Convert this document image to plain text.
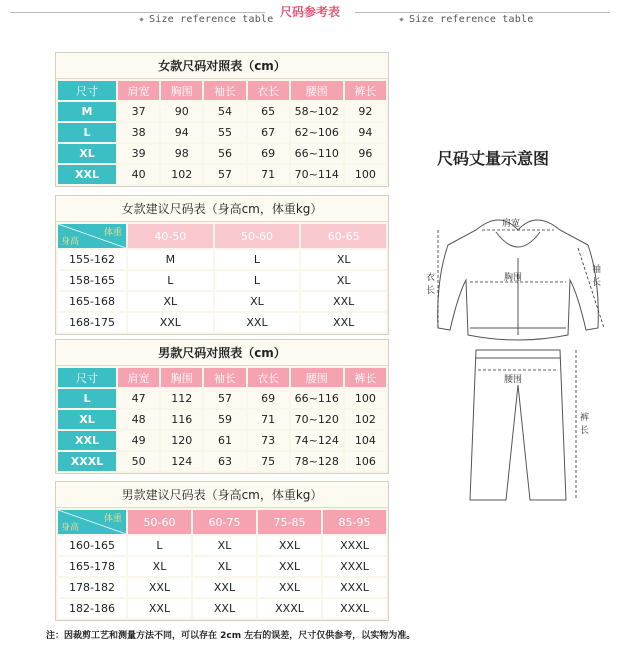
尺码参考表
Size reference table	Size reference table
女款尺码对照表（cm）
尺寸	肩宽	胸围	袖长	衣长	腰围	裤长
M	37	90	54	65	58~102	92
L	38	94	55	67	62~106	94
XL	39	98	56	69	66~110	96
XXL	40	102	57	71	70~114	100
女款建议尺码表（身高cm，体重kg）
体重
身高	40-50	50-60	60-65
155-162	M	L	XL
158-165	L	L	XL
165-168	XL	XL	XXL
168-175	XXL	XXL	XXL
男款尺码对照表（cm）
尺寸	肩宽	胸围	袖长	衣长	腰围	裤长
L	47	112	57	69	66~116	100
XL	48	116	59	71	70~120	102
XXL	49	120	61	73	74~124	104
XXXL	50	124	63	75	78~128	106
男款建议尺码表（身高cm，体重kg）
体重
身高	50-60	60-75	75-85	85-95
160-165	L	XL	XXL	XXXL
165-178	XL	XL	XXL	XXXL
178-182	XXL	XXL	XXL	XXXL
182-186	XXL	XXL	XXXL	XXXL
尺码丈量示意图
肩宽
胸围
衣长
袖长
腰围
裤长
注：因裁剪工艺和测量方法不同，可以存在 2cm 左右的误差，尺寸仅供参考，以实物为准。
